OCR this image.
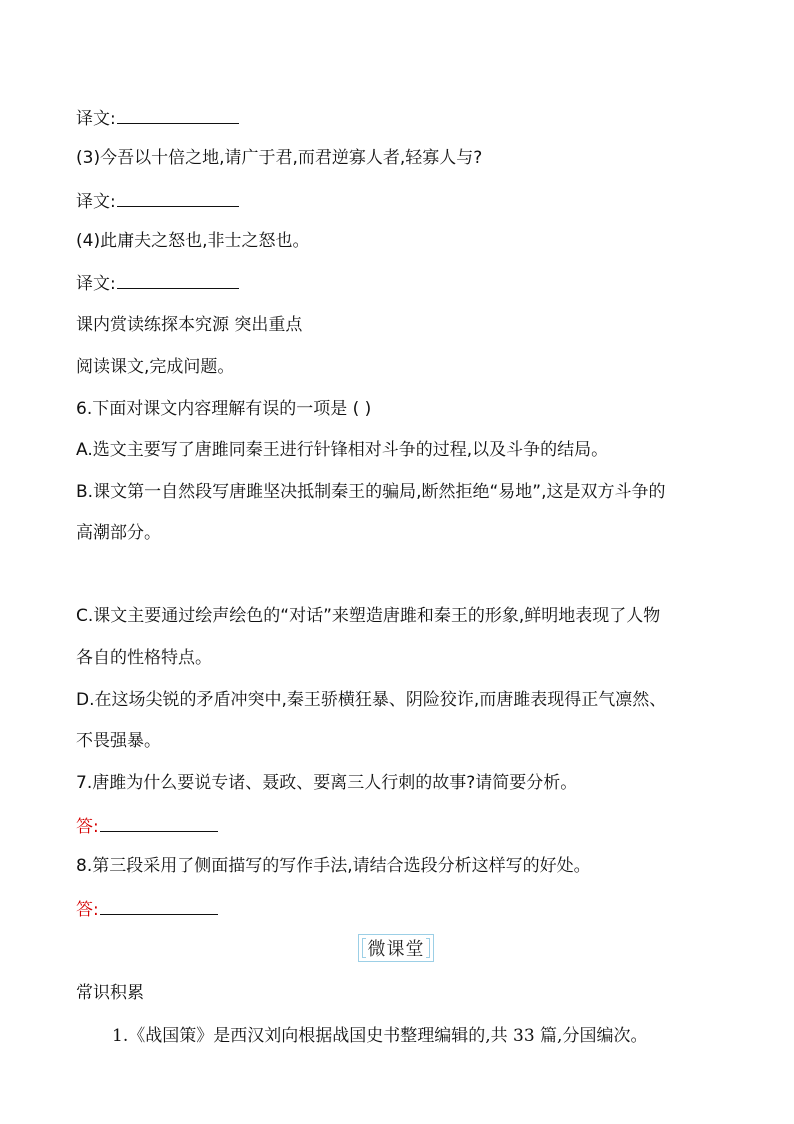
译文:
(3)今吾以十倍之地,请广于君,而君逆寡人者,轻寡人与?
译文:
(4)此庸夫之怒也,非士之怒也。
译文:
课内赏读练探本究源 突出重点
阅读课文,完成问题。
6.下面对课文内容理解有误的一项是 ( )
A.选文主要写了唐雎同秦王进行针锋相对斗争的过程,以及斗争的结局。
B.课文第一自然段写唐雎坚决抵制秦王的骗局,断然拒绝“易地”,这是双方斗争的
高潮部分。
C.课文主要通过绘声绘色的“对话”来塑造唐雎和秦王的形象,鲜明地表现了人物
各自的性格特点。
D.在这场尖锐的矛盾冲突中,秦王骄横狂暴、阴险狡诈,而唐雎表现得正气凛然、
不畏强暴。
7.唐雎为什么要说专诸、聂政、要离三人行刺的故事?请简要分析。
答:
8.第三段采用了侧面描写的写作手法,请结合选段分析这样写的好处。
答:
微课堂
常识积累
1.《战国策》是西汉刘向根据战国史书整理编辑的,共 33 篇,分国编次。
